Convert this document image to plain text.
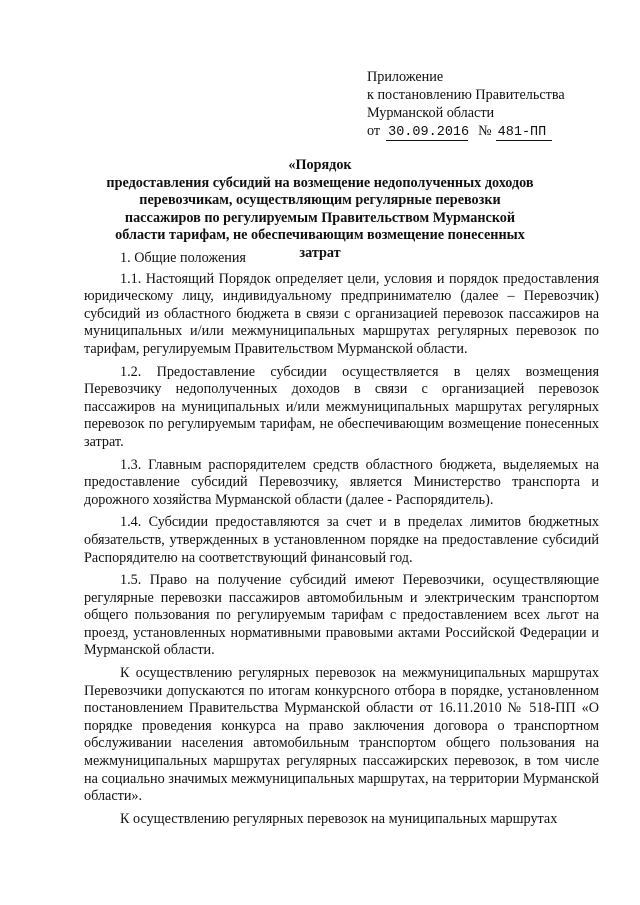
Приложение
к постановлению Правительства
Мурманской области
от 30.09.2016 № 481-ПП
«Порядок
предоставления субсидий на возмещение недополученных доходов перевозчикам, осуществляющим регулярные перевозки пассажиров по регулируемым Правительством Мурманской области тарифам, не обеспечивающим возмещение понесенных затрат
1. Общие положения

1.1. Настоящий Порядок определяет цели, условия и порядок предоставления юридическому лицу, индивидуальному предпринимателю (далее – Перевозчик) субсидий из областного бюджета в связи с организацией перевозок пассажиров на муниципальных и/или межмуниципальных маршрутах регулярных перевозок по тарифам, регулируемым Правительством Мурманской области.

1.2. Предоставление субсидии осуществляется в целях возмещения Перевозчику недополученных доходов в связи с организацией перевозок пассажиров на муниципальных и/или межмуниципальных маршрутах регулярных перевозок по регулируемым тарифам, не обеспечивающим возмещение понесенных затрат.

1.3. Главным распорядителем средств областного бюджета, выделяемых на предоставление субсидий Перевозчику, является Министерство транспорта и дорожного хозяйства Мурманской области (далее - Распорядитель).

1.4. Субсидии предоставляются за счет и в пределах лимитов бюджетных обязательств, утвержденных в установленном порядке на предоставление субсидий Распорядителю на соответствующий финансовый год.

1.5. Право на получение субсидий имеют Перевозчики, осуществляющие регулярные перевозки пассажиров автомобильным и электрическим транспортом общего пользования по регулируемым тарифам с предоставлением всех льгот на проезд, установленных нормативными правовыми актами Российской Федерации и Мурманской области.

К осуществлению регулярных перевозок на межмуниципальных маршрутах Перевозчики допускаются по итогам конкурсного отбора в порядке, установленном постановлением Правительства Мурманской области от 16.11.2010 № 518-ПП «О порядке проведения конкурса на право заключения договора о транспортном обслуживании населения автомобильным транспортом общего пользования на межмуниципальных маршрутах регулярных пассажирских перевозок, в том числе на социально значимых межмуниципальных маршрутах, на территории Мурманской области».

К осуществлению регулярных перевозок на муниципальных маршрутах
